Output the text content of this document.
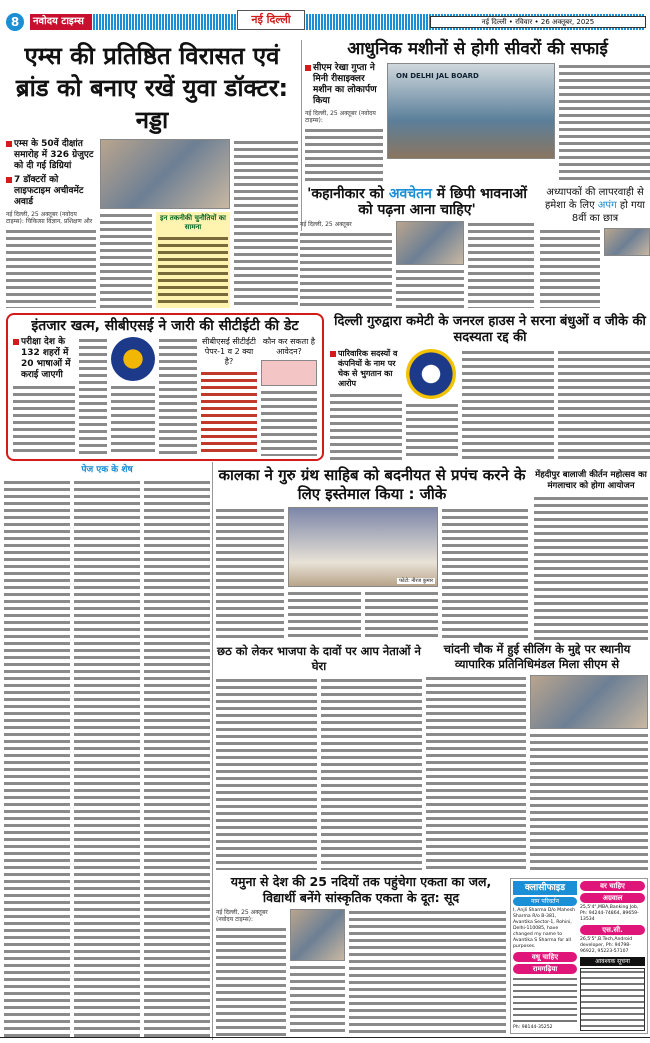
8	नवोदय टाइम्स	नई दिल्ली	नई दिल्ली • रविवार • 26 अक्तूबर, 2025
एम्स की प्रतिष्ठित विरासत एवं ब्रांड को बनाए रखें युवा डॉक्टर: नड्डा
एम्स के 50वें दीक्षांत समारोह में 326 ग्रेजुएट को दी गई डिग्रियां
7 डॉक्टरों को लाइफटाइम अचीवमेंट अवार्ड
नई दिल्ली, 25 अक्तूबर (नवोदय टाइम्स): चिकित्सा विज्ञान, प्रशिक्षण और	इन तकनीकी चुनौतियों का सामना
आधुनिक मशीनों से होगी सीवरों की सफाई
सीएम रेखा गुप्ता ने मिनी रीसाइक्लर मशीन का लोकार्पण किया
नई दिल्ली, 25 अक्तूबर (नवोदय टाइम्स):
ON DELHI JAL BOARD
'कहानीकार को अवचेतन में छिपी भावनाओं को पढ़ना आना चाहिए'
नई दिल्ली, 25 अक्तूबर
अध्यापकों की लापरवाही से हमेशा के लिए अपंग हो गया 8वीं का छात्र
इंतजार खत्म, सीबीएसई ने जारी की सीटीईटी की डेट
परीक्षा देश के 132 शहरों में 20 भाषाओं में कराई जाएगी
सीबीएसई सीटीईटी पेपर-1 व 2 क्या है?
कौन कर सकता है आवेदन?
दिल्ली गुरुद्वारा कमेटी के जनरल हाउस ने सरना बंधुओं व जीके की सदस्यता रद्द की
पारिवारिक सदस्यों व कंपनियों के नाम पर चेक से भुगतान का आरोप
पेज एक के शेष	कालका ने गुरु ग्रंथ साहिब को बदनीयत से प्रपंच करने के लिए इस्तेमाल किया : जीके
फोटो: नीरज कुमार
मेंहदीपुर बालाजी कीर्तन महोत्सव का मंगलाचार को होगा आयोजन
छठ को लेकर भाजपा के दावों पर आप नेताओं ने घेरा
चांदनी चौक में हुई सीलिंग के मुद्दे पर स्थानीय व्यापारिक प्रतिनिधिमंडल मिला सीएम से
यमुना से देश की 25 नदियों तक पहुंचेगा एकता का जल, विद्यार्थी बनेंगे सांस्कृतिक एकता के दूत: सूद
नई दिल्ली, 25 अक्तूबर (नवोदय टाइम्स):
क्लासीफाइड
नाम परिवर्तन
I, Anjli Sharma D/o Mahesh Sharma R/o B-381, Avantika Sector-1, Rohini, Delhi-110085, have changed my name to Avantika S Sharma for all purposes.
वधू चाहिए
रामगढ़िया
Ph: 98144-35252
वर चाहिए
अग्रवाल
25,5'4",MBA,Banking Job, Ph: 94244-74864, 89659-13534
एस.सी.
26,5'5",B.Tech,Android developer, Ph: 94798-96922, 95223-57107
आवश्यक सूचना
